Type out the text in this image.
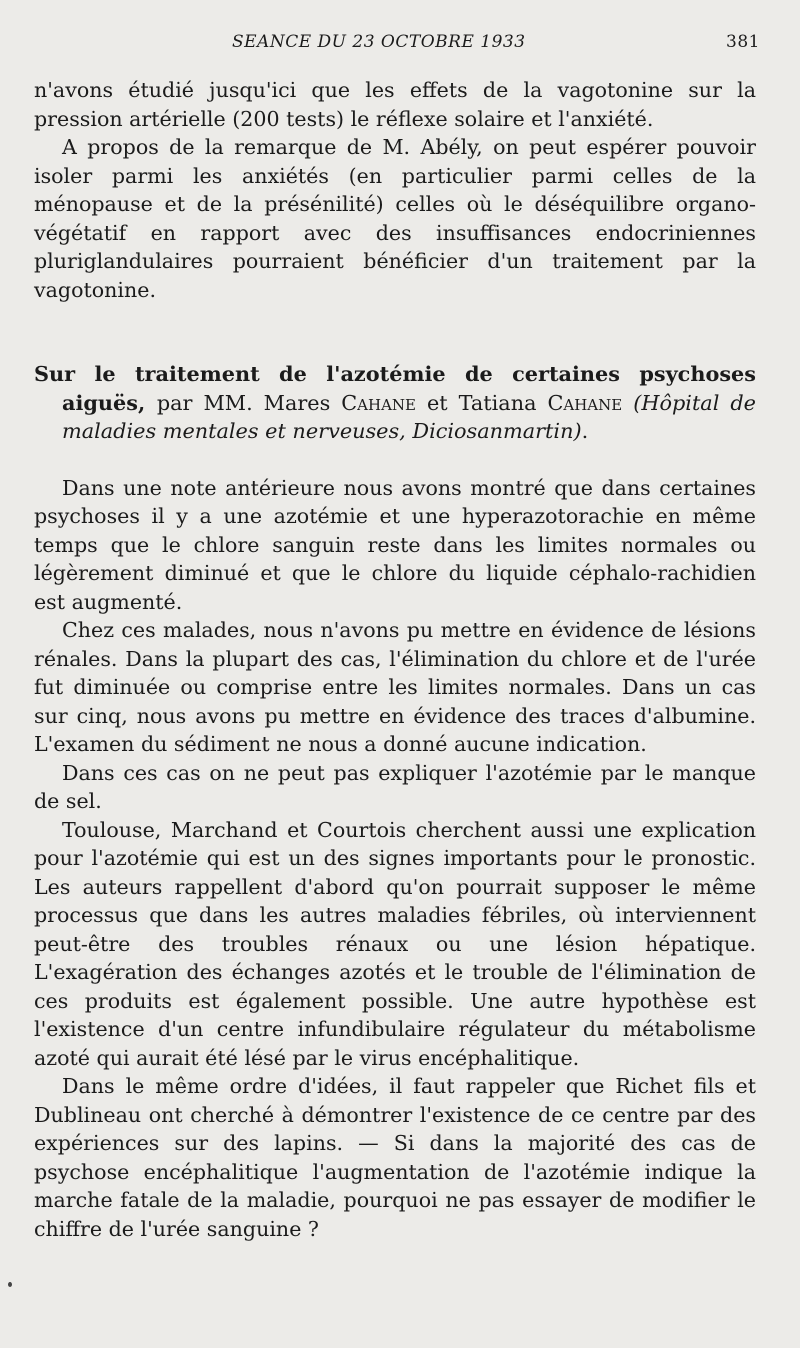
SEANCE DU 23 OCTOBRE 1933	381

n'avons étudié jusqu'ici que les effets de la vagotonine sur la pression artérielle (200 tests) le réflexe solaire et l'anxiété.

A propos de la remarque de M. Abély, on peut espérer pouvoir isoler parmi les anxiétés (en particulier parmi celles de la ménopause et de la présénilité) celles où le déséquilibre organo-végétatif en rapport avec des insuffisances endocriniennes pluriglandulaires pourraient bénéficier d'un traitement par la vagotonine.

Sur le traitement de l'azotémie de certaines psychoses aiguës, par MM. Mares Cahane et Tatiana Cahane (Hôpital de maladies mentales et nerveuses, Diciosanmartin).

Dans une note antérieure nous avons montré que dans certaines psychoses il y a une azotémie et une hyperazotorachie en même temps que le chlore sanguin reste dans les limites normales ou légèrement diminué et que le chlore du liquide céphalo-rachidien est augmenté.

Chez ces malades, nous n'avons pu mettre en évidence de lésions rénales. Dans la plupart des cas, l'élimination du chlore et de l'urée fut diminuée ou comprise entre les limites normales. Dans un cas sur cinq, nous avons pu mettre en évidence des traces d'albumine. L'examen du sédiment ne nous a donné aucune indication.

Dans ces cas on ne peut pas expliquer l'azotémie par le manque de sel.

Toulouse, Marchand et Courtois cherchent aussi une explication pour l'azotémie qui est un des signes importants pour le pronostic. Les auteurs rappellent d'abord qu'on pourrait supposer le même processus que dans les autres maladies fébriles, où interviennent peut-être des troubles rénaux ou une lésion hépatique. L'exagération des échanges azotés et le trouble de l'élimination de ces produits est également possible. Une autre hypothèse est l'existence d'un centre infundibulaire régulateur du métabolisme azoté qui aurait été lésé par le virus encéphalitique.

Dans le même ordre d'idées, il faut rappeler que Richet fils et Dublineau ont cherché à démontrer l'existence de ce centre par des expériences sur des lapins. — Si dans la majorité des cas de psychose encéphalitique l'augmentation de l'azotémie indique la marche fatale de la maladie, pourquoi ne pas essayer de modifier le chiffre de l'urée sanguine ?
